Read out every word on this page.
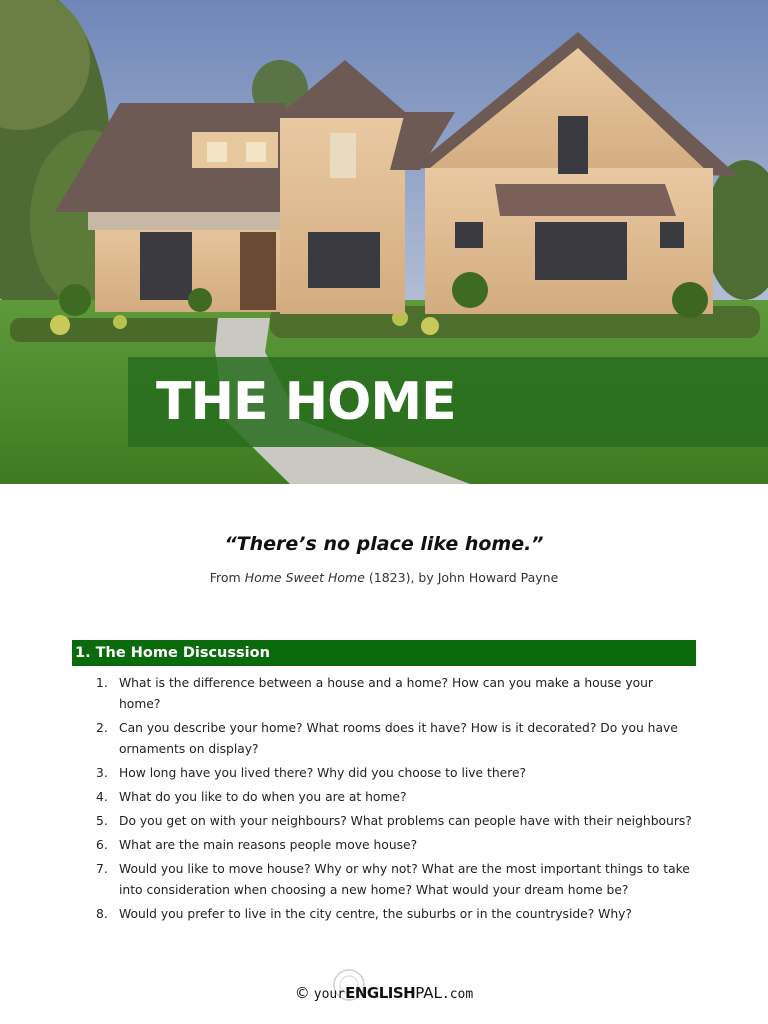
THE HOME
“There’s no place like home.”
From Home Sweet Home (1823), by John Howard Payne
1. The Home Discussion
1. What is the difference between a house and a home? How can you make a house your home?
2. Can you describe your home? What rooms does it have? How is it decorated? Do you have ornaments on display?
3. How long have you lived there? Why did you choose to live there?
4. What do you like to do when you are at home?
5. Do you get on with your neighbours? What problems can people have with their neighbours?
6. What are the main reasons people move house?
7. Would you like to move house? Why or why not? What are the most important things to take into consideration when choosing a new home? What would your dream home be?
8. Would you prefer to live in the city centre, the suburbs or in the countryside? Why?
© yourENGLISHPAL.com
